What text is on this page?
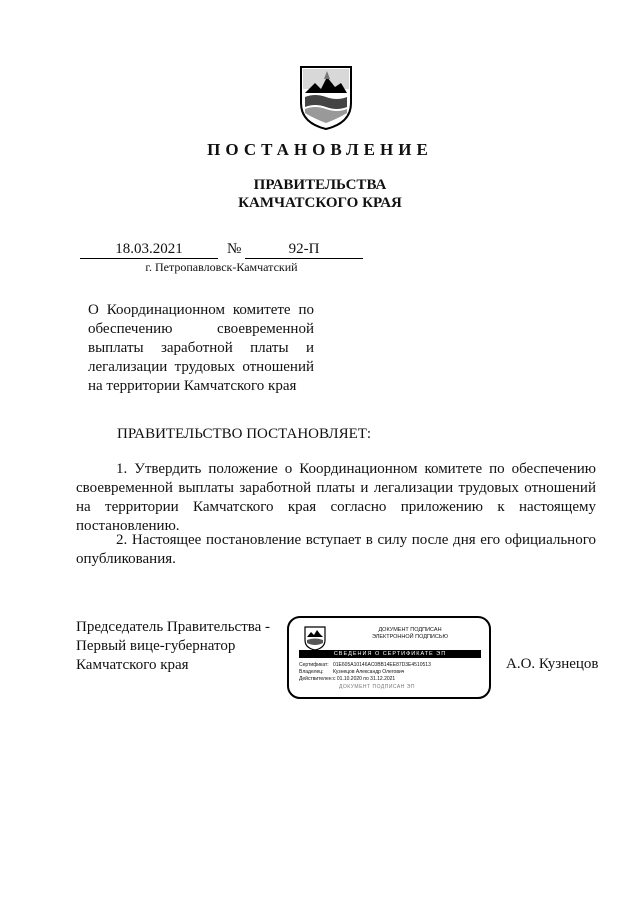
ПОСТАНОВЛЕНИЕ
ПРАВИТЕЛЬСТВА
КАМЧАТСКОГО КРАЯ
18.03.2021	№	92-П
г. Петропавловск-Камчатский
О Координационном комитете по
обеспечению своевременной
выплаты заработной платы и
легализации трудовых отношений
на территории Камчатского края
ПРАВИТЕЛЬСТВО ПОСТАНОВЛЯЕТ:
1. Утвердить положение о Координационном комитете по обеспечению своевременной выплаты заработной платы и легализации трудовых отношений на территории Камчатского края согласно приложению к настоящему постановлению.
2. Настоящее постановление вступает в силу после дня его официального опубликования.
Председатель Правительства -
Первый вице-губернатор
Камчатского края
ДОКУМЕНТ ПОДПИСАН
ЭЛЕКТРОННОЙ ПОДПИСЬЮ
СВЕДЕНИЯ О СЕРТИФИКАТЕ ЭП
Сертификат: 01E605A10146AC0BB14EE87D3E4510513
Владелец: Кузнецов Александр Олегович
Действителен:с 01.10.2020 по 31.12.2021
ДОКУМЕНТ ПОДПИСАН ЭП
А.О. Кузнецов
